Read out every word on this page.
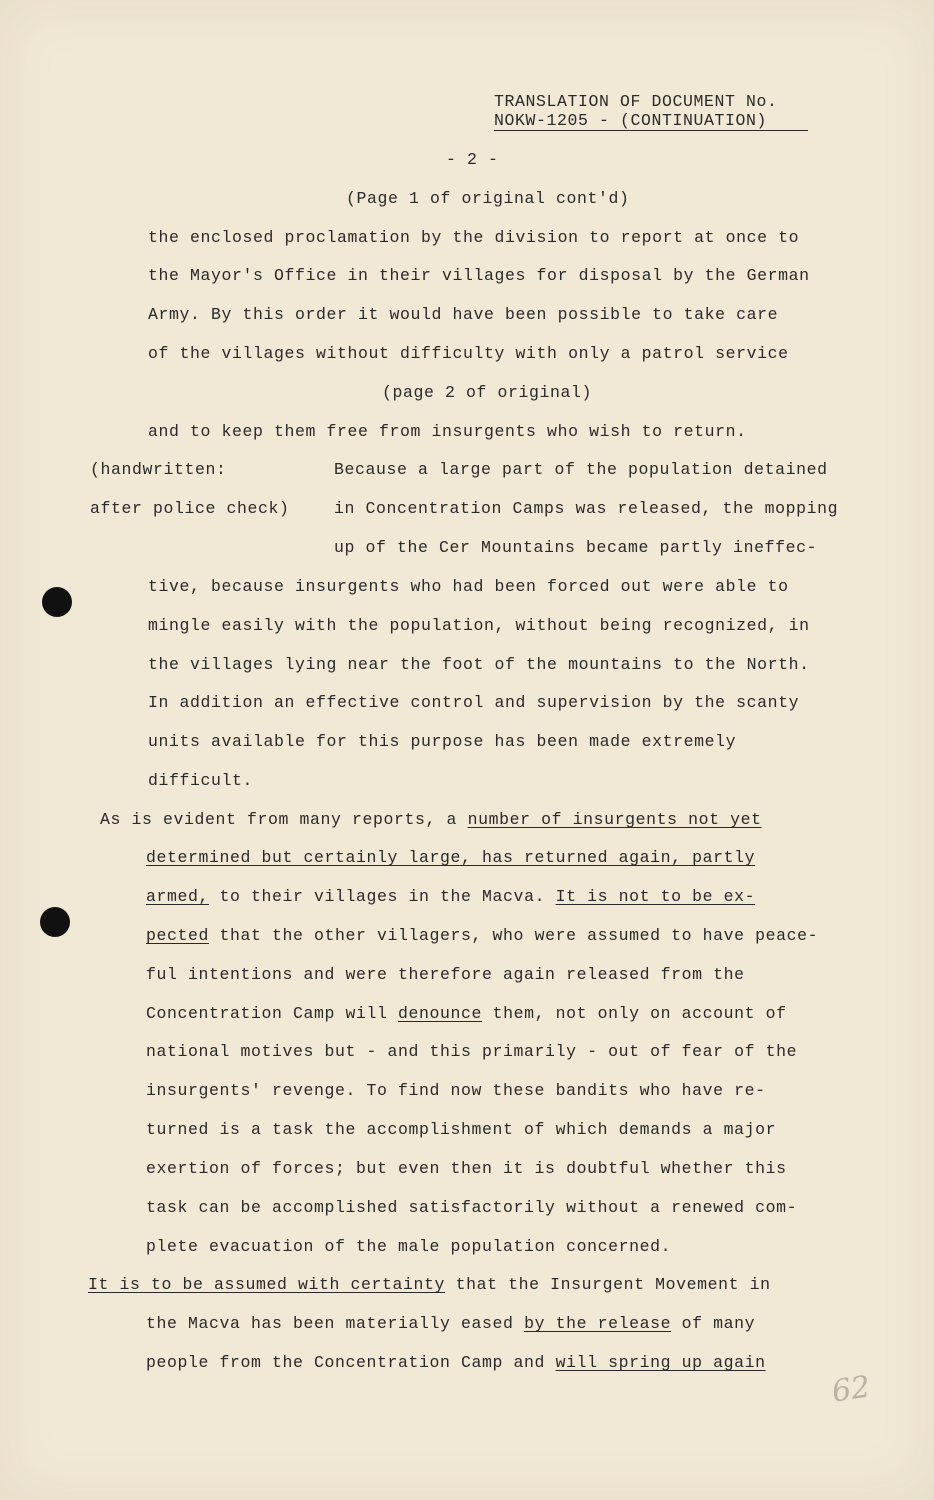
TRANSLATION OF DOCUMENT No.
NOKW-1205 - (CONTINUATION)
- 2 -
(Page 1 of original cont'd)
the enclosed proclamation by the division to report at once to
the Mayor's Office in their villages for disposal by the German
Army. By this order it would have been possible to take care
of the villages without difficulty with only a patrol service
(page 2 of original)
and to keep them free from insurgents who wish to return.
(handwritten:	Because a large part of the population detained
after police check)	in Concentration Camps was released, the mopping
up of the Cer Mountains became partly ineffec-
tive, because insurgents who had been forced out were able to
mingle easily with the population, without being recognized, in
the villages lying near the foot of the mountains to the North.
In addition an effective control and supervision by the scanty
units available for this purpose has been made extremely
difficult.
As is evident from many reports, a number of insurgents not yet
determined but certainly large, has returned again, partly
armed, to their villages in the Macva. It is not to be ex-
pected that the other villagers, who were assumed to have peace-
ful intentions and were therefore again released from the
Concentration Camp will denounce them, not only on account of
national motives but - and this primarily - out of fear of the
insurgents' revenge. To find now these bandits who have re-
turned is a task the accomplishment of which demands a major
exertion of forces; but even then it is doubtful whether this
task can be accomplished satisfactorily without a renewed com-
plete evacuation of the male population concerned.
It is to be assumed with certainty that the Insurgent Movement in
the Macva has been materially eased by the release of many
people from the Concentration Camp and will spring up again
62
